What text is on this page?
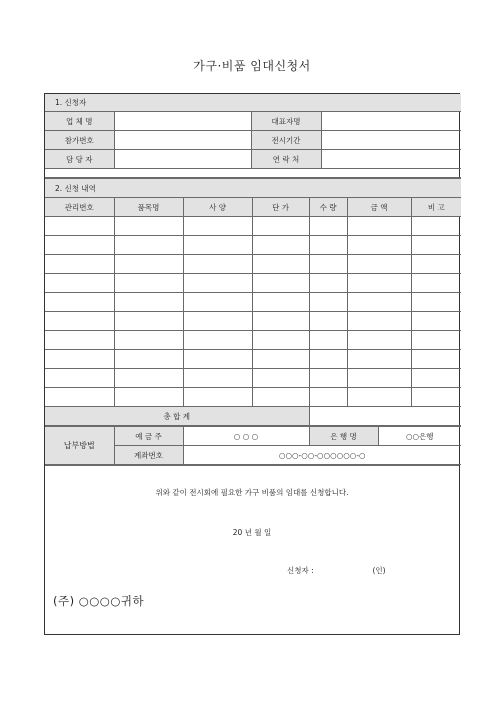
가구·비품 임대신청서
1. 신청자			
업 체 명		대표자명	
참가번호		전시기간	
담 당 자		연 락 처	

2. 신청 내역						
관리번호	품목명	사 양	단 가	수 량	금 액	비 고

총 합 계						
납부방법	예 금 주	○ ○ ○	은 행 명	○○은행
	계좌번호	○○○-○○-○○○○○○-○		
위와 같이 전시회에 필요한 가구 비품의 임대를 신청합니다.
20 년 월 일
신청자 :	(인)
(주) ○○○○귀하
